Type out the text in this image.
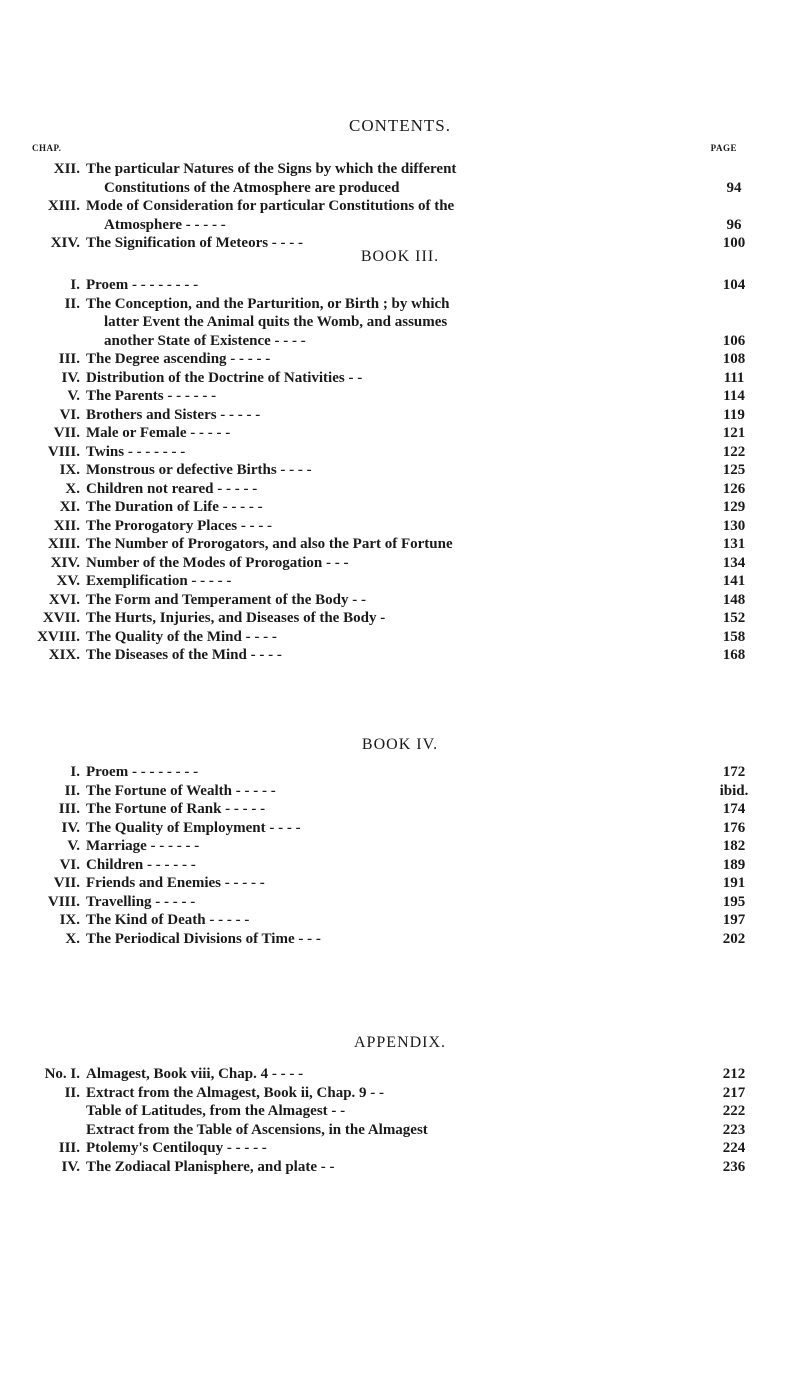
CONTENTS.
CHAP.	PAGE
XII. The particular Natures of the Signs by which the different
Constitutions of the Atmosphere are produced	94
XIII. Mode of Consideration for particular Constitutions of the
Atmosphere - - - - -	96
XIV. The Signification of Meteors - - - -	100
BOOK III.
I. Proem - - - - - - - -	104
II. The Conception, and the Parturition, or Birth ; by which
latter Event the Animal quits the Womb, and assumes
another State of Existence - - - -	106
III. The Degree ascending - - - - -	108
IV. Distribution of the Doctrine of Nativities - -	111
V. The Parents - - - - - -	114
VI. Brothers and Sisters - - - - -	119
VII. Male or Female - - - - -	121
VIII. Twins - - - - - - -	122
IX. Monstrous or defective Births - - - -	125
X. Children not reared - - - - -	126
XI. The Duration of Life - - - - -	129
XII. The Prorogatory Places - - - -	130
XIII. The Number of Prorogators, and also the Part of Fortune	131
XIV. Number of the Modes of Prorogation - - -	134
XV. Exemplification - - - - -	141
XVI. The Form and Temperament of the Body - -	148
XVII. The Hurts, Injuries, and Diseases of the Body -	152
XVIII. The Quality of the Mind - - - -	158
XIX. The Diseases of the Mind - - - -	168
BOOK IV.
I. Proem - - - - - - - -	172
II. The Fortune of Wealth - - - - -	ibid.
III. The Fortune of Rank - - - - -	174
IV. The Quality of Employment - - - -	176
V. Marriage - - - - - -	182
VI. Children - - - - - -	189
VII. Friends and Enemies - - - - -	191
VIII. Travelling - - - - -	195
IX. The Kind of Death - - - - -	197
X. The Periodical Divisions of Time - - -	202
APPENDIX.
No. I. Almagest, Book viii, Chap. 4 - - - -	212
II. Extract from the Almagest, Book ii, Chap. 9 - -	217
Table of Latitudes, from the Almagest - -	222
Extract from the Table of Ascensions, in the Almagest	223
III. Ptolemy's Centiloquy - - - - -	224
IV. The Zodiacal Planisphere, and plate - -	236
